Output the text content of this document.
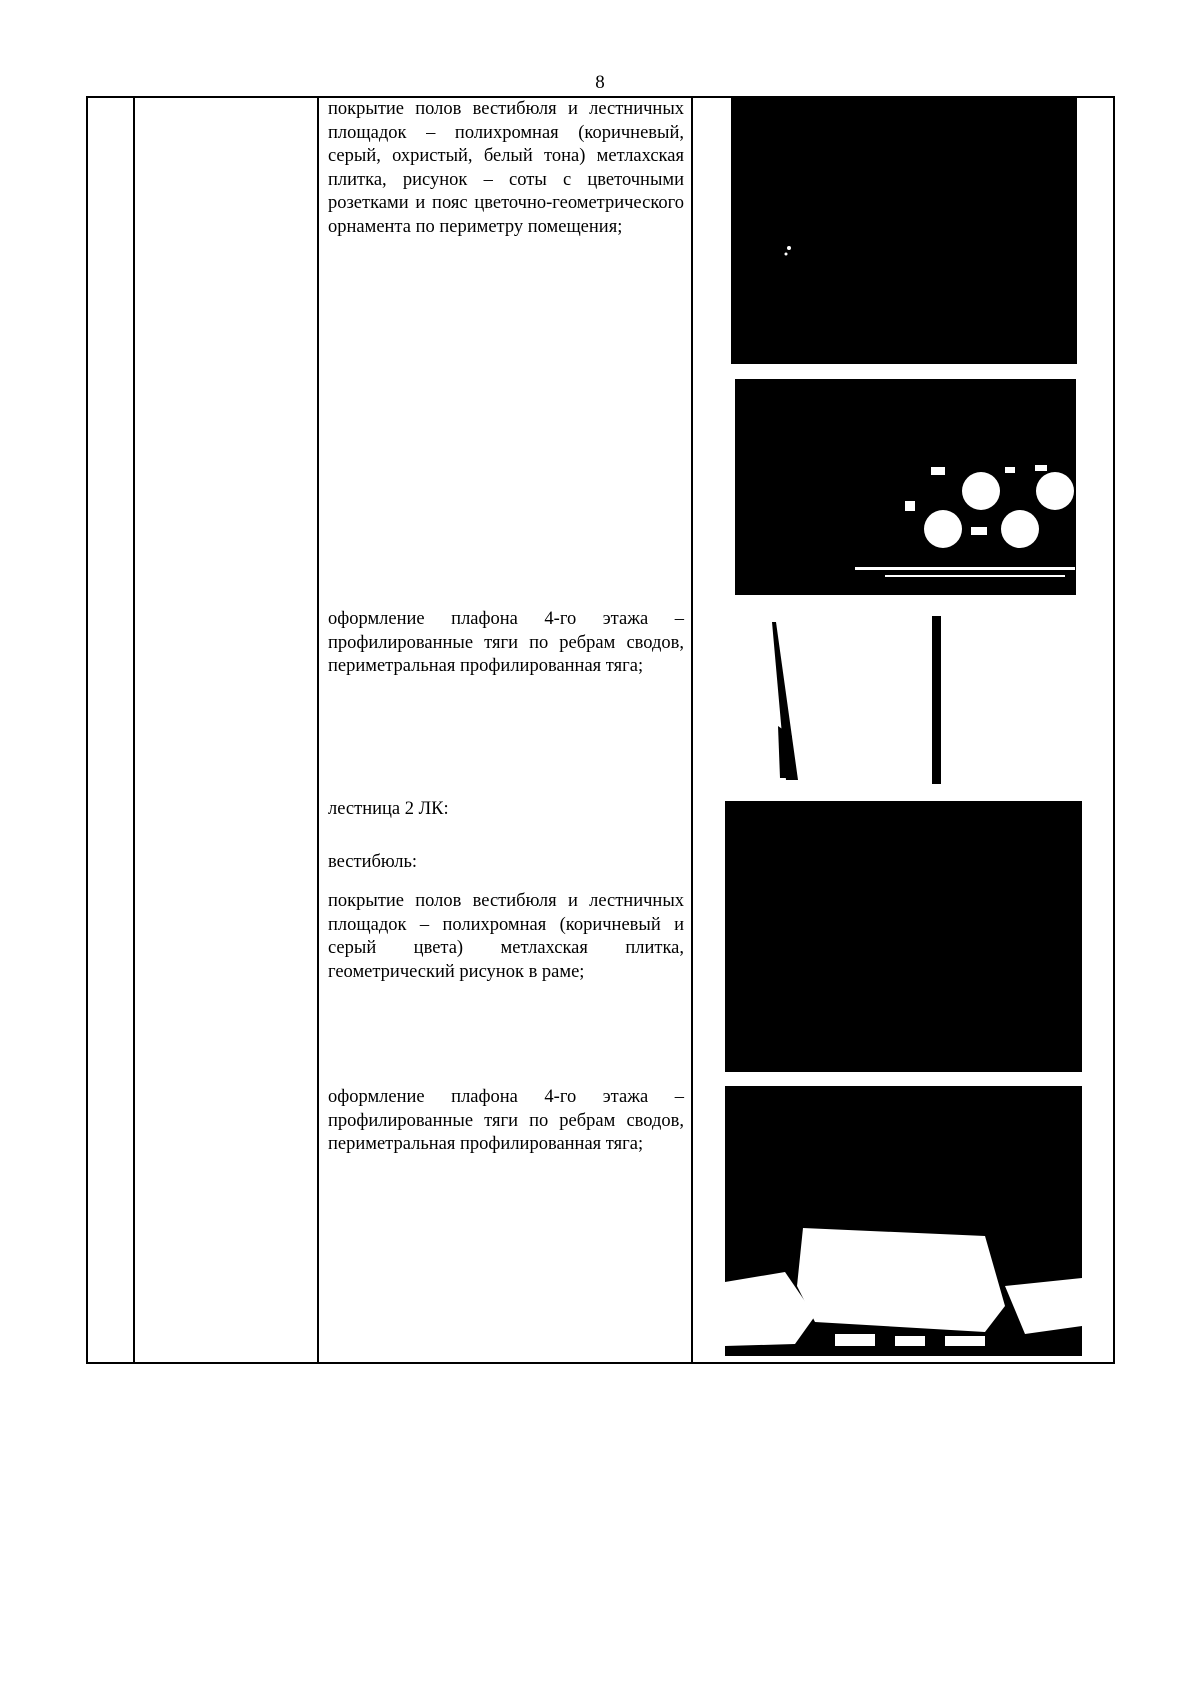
8

покрытие полов вестибюля и лестничных площадок – полихромная (коричневый, серый, охристый, белый тона) метлахская плитка, рисунок – соты с цветочными розетками и пояс цветочно-геометрического орнамента по периметру помещения;

оформление плафона 4-го этажа – профилированные тяги по ребрам сводов, периметральная профилированная тяга;

лестница 2 ЛК:

вестибюль:

покрытие полов вестибюля и лестничных площадок – полихромная (коричневый и серый цвета) метлахская плитка, геометрический рисунок в раме;

оформление плафона 4-го этажа – профилированные тяги по ребрам сводов, периметральная профилированная тяга;
